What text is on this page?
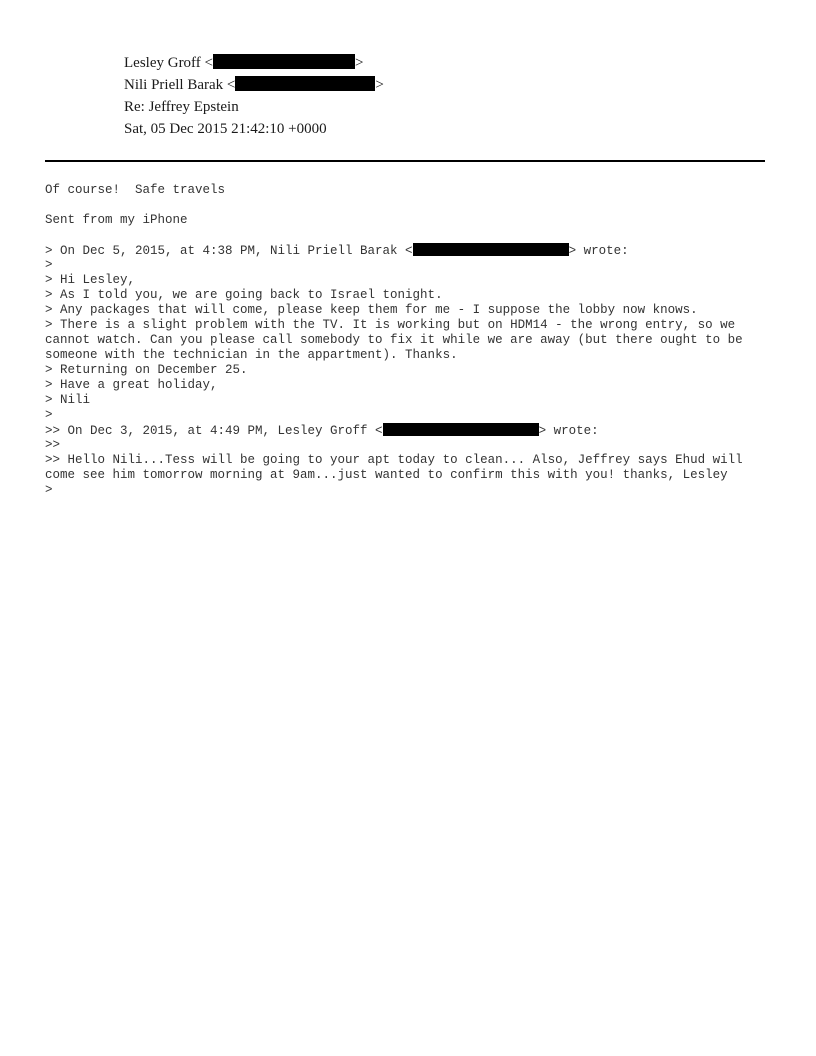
Lesley Groff <	>
Nili Priell Barak <	>
Re: Jeffrey Epstein
Sat, 05 Dec 2015 21:42:10 +0000
Of course!  Safe travels
Sent from my iPhone
> On Dec 5, 2015, at 4:38 PM, Nili Priell Barak <	> wrote:
>
> Hi Lesley,
> As I told you, we are going back to Israel tonight.
> Any packages that will come, please keep them for me - I suppose the lobby now knows.
> There is a slight problem with the TV. It is working but on HDM14 - the wrong entry, so we cannot watch. Can you please call somebody to fix it while we are away (but there ought to be someone with the technician in the appartment). Thanks.
> Returning on December 25.
> Have a great holiday,
> Nili
>
>> On Dec 3, 2015, at 4:49 PM, Lesley Groff <	> wrote:
>>
>> Hello Nili...Tess will be going to your apt today to clean... Also, Jeffrey says Ehud will come see him tomorrow morning at 9am...just wanted to confirm this with you! thanks, Lesley
>
